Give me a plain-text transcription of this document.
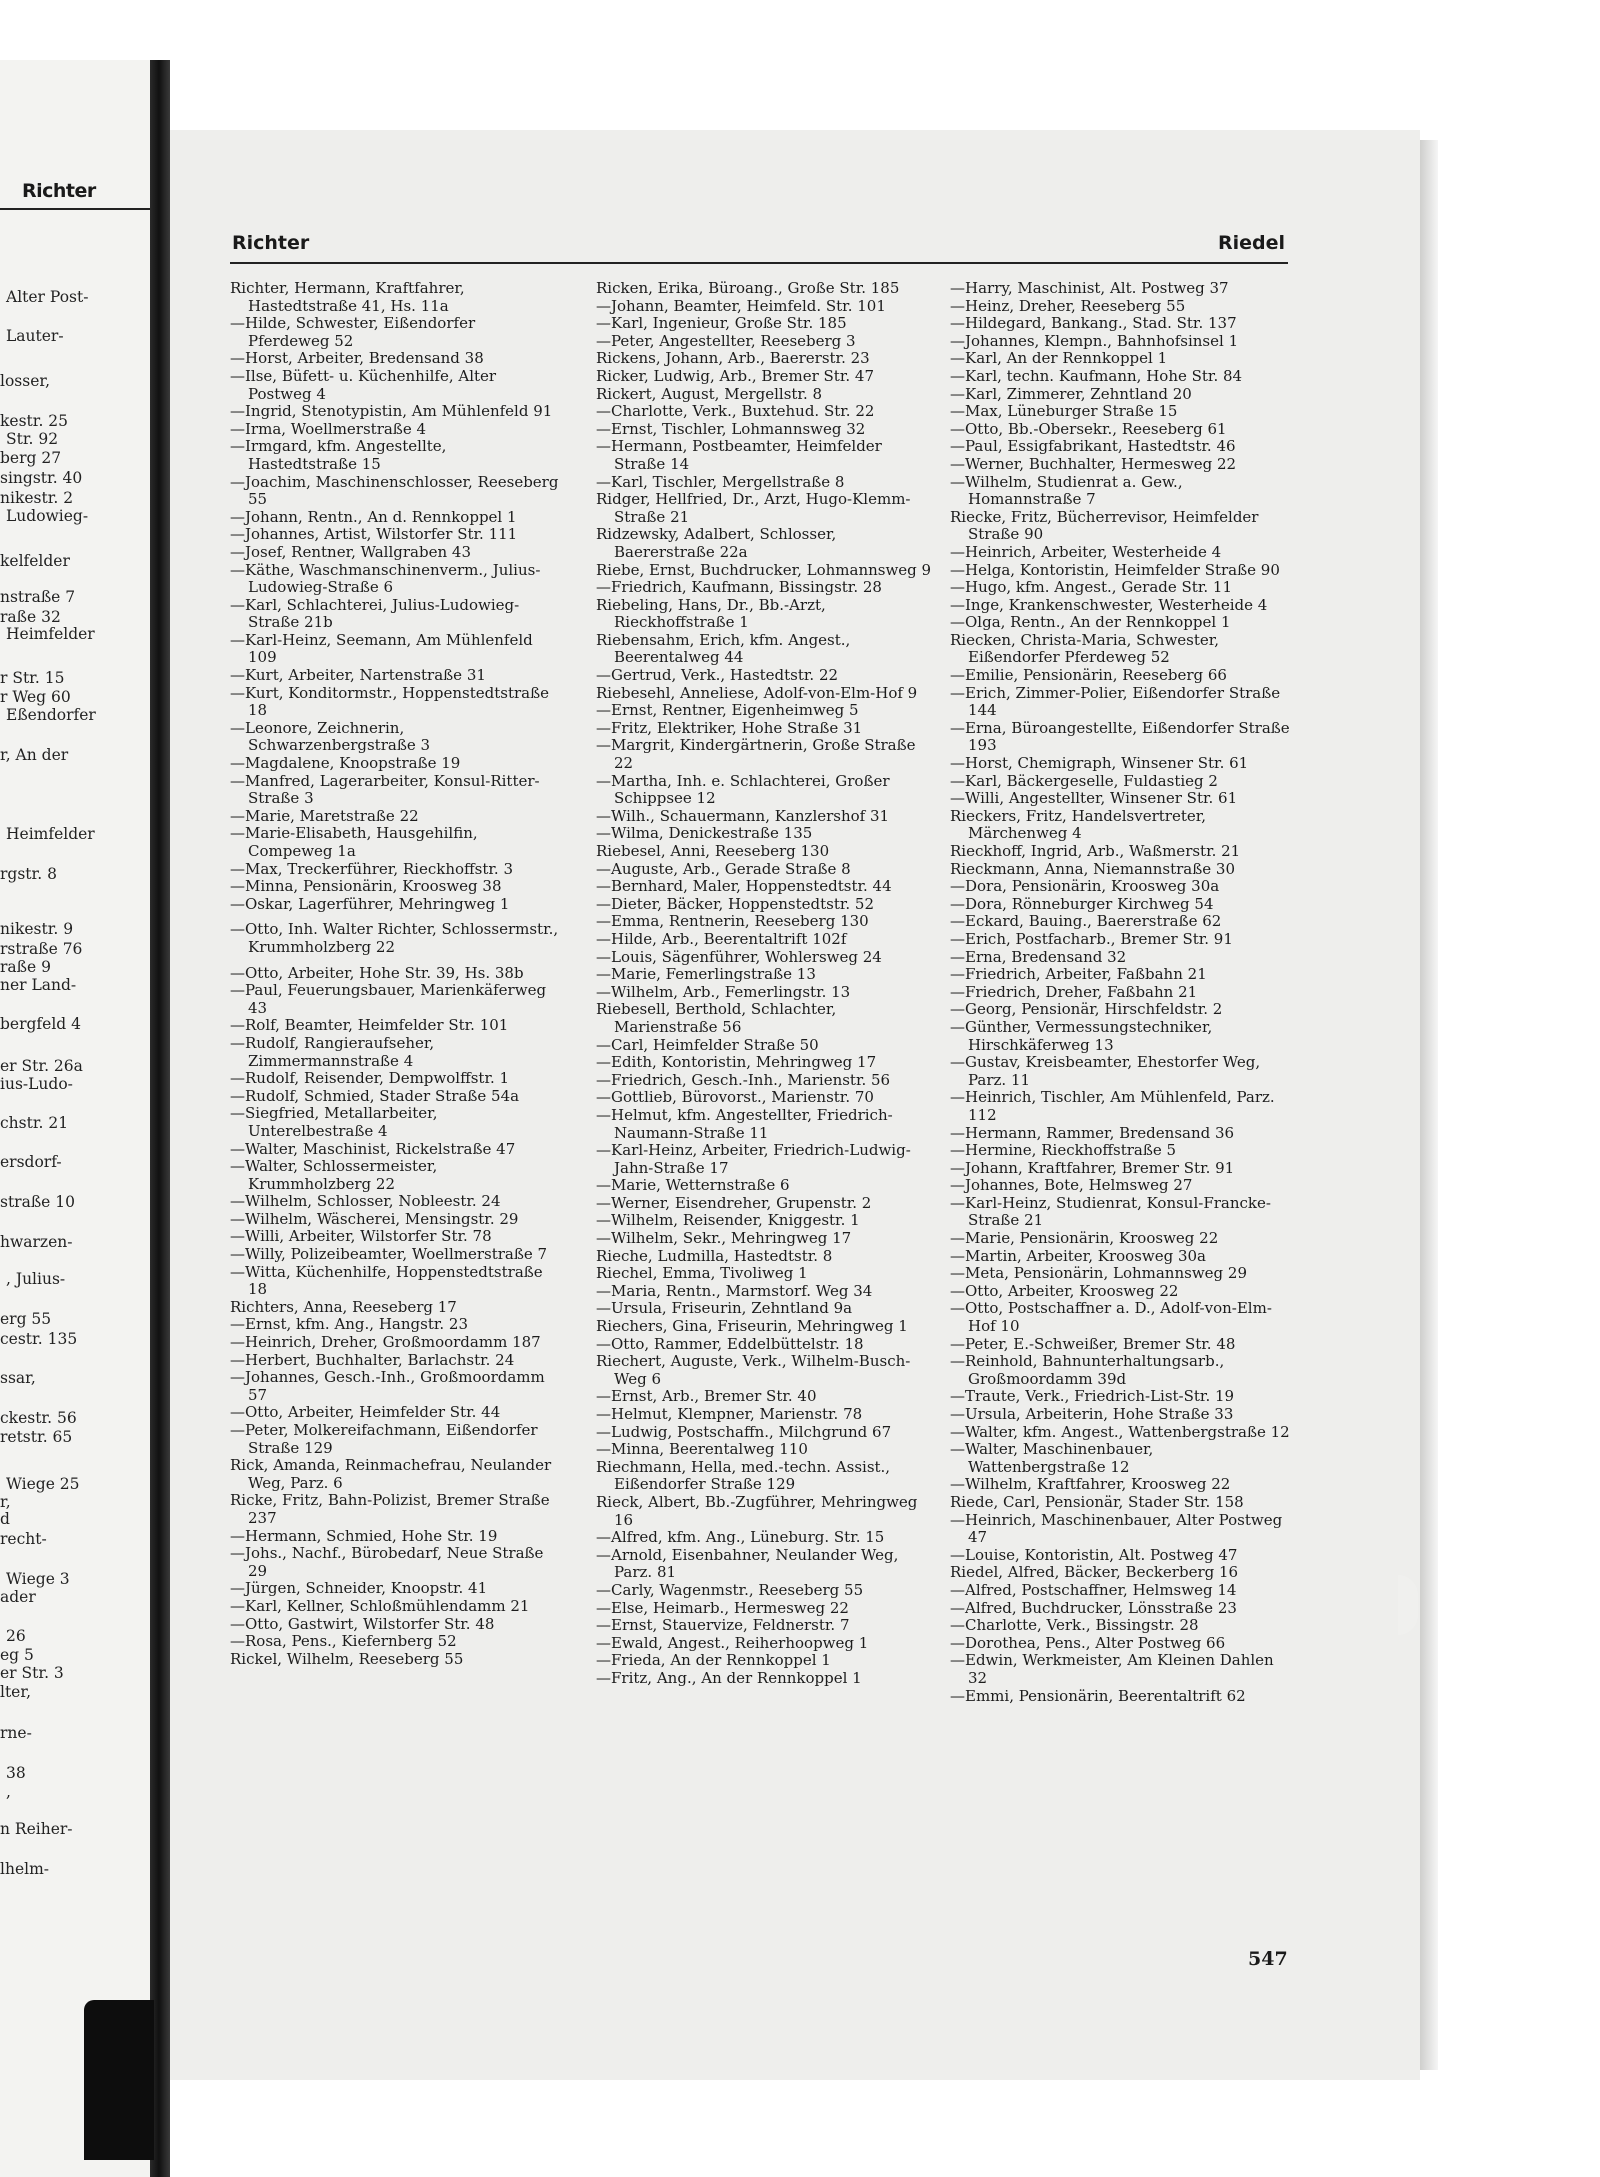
Richter
Alter Post-
Lauter-
losser,
kestr. 25
Str. 92
berg 27
singstr. 40
nikestr. 2
Ludowieg-
kelfelder
nstraße 7
raße 32
Heimfelder
r Str. 15
r Weg 60
Eßendorfer
r, An der
Heimfelder
rgstr. 8
nikestr. 9
rstraße 76
raße 9
ner Land-
bergfeld 4
er Str. 26a
ius-Ludo-
chstr. 21
ersdorf-
straße 10
hwarzen-
, Julius-
erg 55
cestr. 135
ssar,
ckestr. 56
retstr. 65
Wiege 25
r,
d
recht-
Wiege 3
ader
26
eg 5
er Str. 3
lter,
rne-
38
,
n Reiher-
lhelm-
Richter	Riedel
Richter, Hermann, Kraftfahrer, Hastedtstraße 41, Hs. 11a
—Hilde, Schwester, Eißendorfer Pferdeweg 52
—Horst, Arbeiter, Bredensand 38
—Ilse, Büfett- u. Küchenhilfe, Alter Postweg 4
—Ingrid, Stenotypistin, Am Mühlenfeld 91
—Irma, Woellmerstraße 4
—Irmgard, kfm. Angestellte, Hastedtstraße 15
—Joachim, Maschinenschlosser, Reeseberg 55
—Johann, Rentn., An d. Rennkoppel 1
—Johannes, Artist, Wilstorfer Str. 111
—Josef, Rentner, Wallgraben 43
—Käthe, Waschmanschinenverm., Julius-Ludowieg-Straße 6
—Karl, Schlachterei, Julius-Ludowieg-Straße 21b
—Karl-Heinz, Seemann, Am Mühlenfeld 109
—Kurt, Arbeiter, Nartenstraße 31
—Kurt, Konditormstr., Hoppenstedtstraße 18
—Leonore, Zeichnerin, Schwarzenbergstraße 3
—Magdalene, Knoopstraße 19
—Manfred, Lagerarbeiter, Konsul-Ritter-Straße 3
—Marie, Maretstraße 22
—Marie-Elisabeth, Hausgehilfin, Compeweg 1a
—Max, Treckerführer, Rieckhoffstr. 3
—Minna, Pensionärin, Kroosweg 38
—Oskar, Lagerführer, Mehringweg 1
—Otto, Inh. Walter Richter, Schlossermstr., Krummholzberg 22
—Otto, Arbeiter, Hohe Str. 39, Hs. 38b
—Paul, Feuerungsbauer, Marienkäferweg 43
—Rolf, Beamter, Heimfelder Str. 101
—Rudolf, Rangieraufseher, Zimmermannstraße 4
—Rudolf, Reisender, Dempwolffstr. 1
—Rudolf, Schmied, Stader Straße 54a
—Siegfried, Metallarbeiter, Unterelbestraße 4
—Walter, Maschinist, Rickelstraße 47
—Walter, Schlossermeister, Krummholzberg 22
—Wilhelm, Schlosser, Nobleestr. 24
—Wilhelm, Wäscherei, Mensingstr. 29
—Willi, Arbeiter, Wilstorfer Str. 78
—Willy, Polizeibeamter, Woellmerstraße 7
—Witta, Küchenhilfe, Hoppenstedtstraße 18
Richters, Anna, Reeseberg 17
—Ernst, kfm. Ang., Hangstr. 23
—Heinrich, Dreher, Großmoordamm 187
—Herbert, Buchhalter, Barlachstr. 24
—Johannes, Gesch.-Inh., Großmoordamm 57
—Otto, Arbeiter, Heimfelder Str. 44
—Peter, Molkereifachmann, Eißendorfer Straße 129
Rick, Amanda, Reinmachefrau, Neulander Weg, Parz. 6
Ricke, Fritz, Bahn-Polizist, Bremer Straße 237
—Hermann, Schmied, Hohe Str. 19
—Johs., Nachf., Bürobedarf, Neue Straße 29
—Jürgen, Schneider, Knoopstr. 41
—Karl, Kellner, Schloßmühlendamm 21
—Otto, Gastwirt, Wilstorfer Str. 48
—Rosa, Pens., Kiefernberg 52
Rickel, Wilhelm, Reeseberg 55
Ricken, Erika, Büroang., Große Str. 185
—Johann, Beamter, Heimfeld. Str. 101
—Karl, Ingenieur, Große Str. 185
—Peter, Angestellter, Reeseberg 3
Rickens, Johann, Arb., Baererstr. 23
Ricker, Ludwig, Arb., Bremer Str. 47
Rickert, August, Mergellstr. 8
—Charlotte, Verk., Buxtehud. Str. 22
—Ernst, Tischler, Lohmannsweg 32
—Hermann, Postbeamter, Heimfelder Straße 14
—Karl, Tischler, Mergellstraße 8
Ridger, Hellfried, Dr., Arzt, Hugo-Klemm-Straße 21
Ridzewsky, Adalbert, Schlosser, Baererstraße 22a
Riebe, Ernst, Buchdrucker, Lohmannsweg 9
—Friedrich, Kaufmann, Bissingstr. 28
Riebeling, Hans, Dr., Bb.-Arzt, Rieckhoffstraße 1
Riebensahm, Erich, kfm. Angest., Beerentalweg 44
—Gertrud, Verk., Hastedtstr. 22
Riebesehl, Anneliese, Adolf-von-Elm-Hof 9
—Ernst, Rentner, Eigenheimweg 5
—Fritz, Elektriker, Hohe Straße 31
—Margrit, Kindergärtnerin, Große Straße 22
—Martha, Inh. e. Schlachterei, Großer Schippsee 12
—Wilh., Schauermann, Kanzlershof 31
—Wilma, Denickestraße 135
Riebesel, Anni, Reeseberg 130
—Auguste, Arb., Gerade Straße 8
—Bernhard, Maler, Hoppenstedtstr. 44
—Dieter, Bäcker, Hoppenstedtstr. 52
—Emma, Rentnerin, Reeseberg 130
—Hilde, Arb., Beerentaltrift 102f
—Louis, Sägenführer, Wohlersweg 24
—Marie, Femerlingstraße 13
—Wilhelm, Arb., Femerlingstr. 13
Riebesell, Berthold, Schlachter, Marienstraße 56
—Carl, Heimfelder Straße 50
—Edith, Kontoristin, Mehringweg 17
—Friedrich, Gesch.-Inh., Marienstr. 56
—Gottlieb, Bürovorst., Marienstr. 70
—Helmut, kfm. Angestellter, Friedrich-Naumann-Straße 11
—Karl-Heinz, Arbeiter, Friedrich-Ludwig-Jahn-Straße 17
—Marie, Wetternstraße 6
—Werner, Eisendreher, Grupenstr. 2
—Wilhelm, Reisender, Kniggestr. 1
—Wilhelm, Sekr., Mehringweg 17
Rieche, Ludmilla, Hastedtstr. 8
Riechel, Emma, Tivoliweg 1
—Maria, Rentn., Marmstorf. Weg 34
—Ursula, Friseurin, Zehntland 9a
Riechers, Gina, Friseurin, Mehringweg 1
—Otto, Rammer, Eddelbüttelstr. 18
Riechert, Auguste, Verk., Wilhelm-Busch-Weg 6
—Ernst, Arb., Bremer Str. 40
—Helmut, Klempner, Marienstr. 78
—Ludwig, Postschaffn., Milchgrund 67
—Minna, Beerentalweg 110
Riechmann, Hella, med.-techn. Assist., Eißendorfer Straße 129
Rieck, Albert, Bb.-Zugführer, Mehringweg 16
—Alfred, kfm. Ang., Lüneburg. Str. 15
—Arnold, Eisenbahner, Neulander Weg, Parz. 81
—Carly, Wagenmstr., Reeseberg 55
—Else, Heimarb., Hermesweg 22
—Ernst, Stauervize, Feldnerstr. 7
—Ewald, Angest., Reiherhoopweg 1
—Frieda, An der Rennkoppel 1
—Fritz, Ang., An der Rennkoppel 1
—Harry, Maschinist, Alt. Postweg 37
—Heinz, Dreher, Reeseberg 55
—Hildegard, Bankang., Stad. Str. 137
—Johannes, Klempn., Bahnhofsinsel 1
—Karl, An der Rennkoppel 1
—Karl, techn. Kaufmann, Hohe Str. 84
—Karl, Zimmerer, Zehntland 20
—Max, Lüneburger Straße 15
—Otto, Bb.-Obersekr., Reeseberg 61
—Paul, Essigfabrikant, Hastedtstr. 46
—Werner, Buchhalter, Hermesweg 22
—Wilhelm, Studienrat a. Gew., Homannstraße 7
Riecke, Fritz, Bücherrevisor, Heimfelder Straße 90
—Heinrich, Arbeiter, Westerheide 4
—Helga, Kontoristin, Heimfelder Straße 90
—Hugo, kfm. Angest., Gerade Str. 11
—Inge, Krankenschwester, Westerheide 4
—Olga, Rentn., An der Rennkoppel 1
Riecken, Christa-Maria, Schwester, Eißendorfer Pferdeweg 52
—Emilie, Pensionärin, Reeseberg 66
—Erich, Zimmer-Polier, Eißendorfer Straße 144
—Erna, Büroangestellte, Eißendorfer Straße 193
—Horst, Chemigraph, Winsener Str. 61
—Karl, Bäckergeselle, Fuldastieg 2
—Willi, Angestellter, Winsener Str. 61
Rieckers, Fritz, Handelsvertreter, Märchenweg 4
Rieckhoff, Ingrid, Arb., Waßmerstr. 21
Rieckmann, Anna, Niemannstraße 30
—Dora, Pensionärin, Kroosweg 30a
—Dora, Rönneburger Kirchweg 54
—Eckard, Bauing., Baererstraße 62
—Erich, Postfacharb., Bremer Str. 91
—Erna, Bredensand 32
—Friedrich, Arbeiter, Faßbahn 21
—Friedrich, Dreher, Faßbahn 21
—Georg, Pensionär, Hirschfeldstr. 2
—Günther, Vermessungstechniker, Hirschkäferweg 13
—Gustav, Kreisbeamter, Ehestorfer Weg, Parz. 11
—Heinrich, Tischler, Am Mühlenfeld, Parz. 112
—Hermann, Rammer, Bredensand 36
—Hermine, Rieckhoffstraße 5
—Johann, Kraftfahrer, Bremer Str. 91
—Johannes, Bote, Helmsweg 27
—Karl-Heinz, Studienrat, Konsul-Francke-Straße 21
—Marie, Pensionärin, Kroosweg 22
—Martin, Arbeiter, Kroosweg 30a
—Meta, Pensionärin, Lohmannsweg 29
—Otto, Arbeiter, Kroosweg 22
—Otto, Postschaffner a. D., Adolf-von-Elm-Hof 10
—Peter, E.-Schweißer, Bremer Str. 48
—Reinhold, Bahnunterhaltungsarb., Großmoordamm 39d
—Traute, Verk., Friedrich-List-Str. 19
—Ursula, Arbeiterin, Hohe Straße 33
—Walter, kfm. Angest., Wattenbergstraße 12
—Walter, Maschinenbauer, Wattenbergstraße 12
—Wilhelm, Kraftfahrer, Kroosweg 22
Riede, Carl, Pensionär, Stader Str. 158
—Heinrich, Maschinenbauer, Alter Postweg 47
—Louise, Kontoristin, Alt. Postweg 47
Riedel, Alfred, Bäcker, Beckerberg 16
—Alfred, Postschaffner, Helmsweg 14
—Alfred, Buchdrucker, Lönsstraße 23
—Charlotte, Verk., Bissingstr. 28
—Dorothea, Pens., Alter Postweg 66
—Edwin, Werkmeister, Am Kleinen Dahlen 32
—Emmi, Pensionärin, Beerentaltrift 62
547
